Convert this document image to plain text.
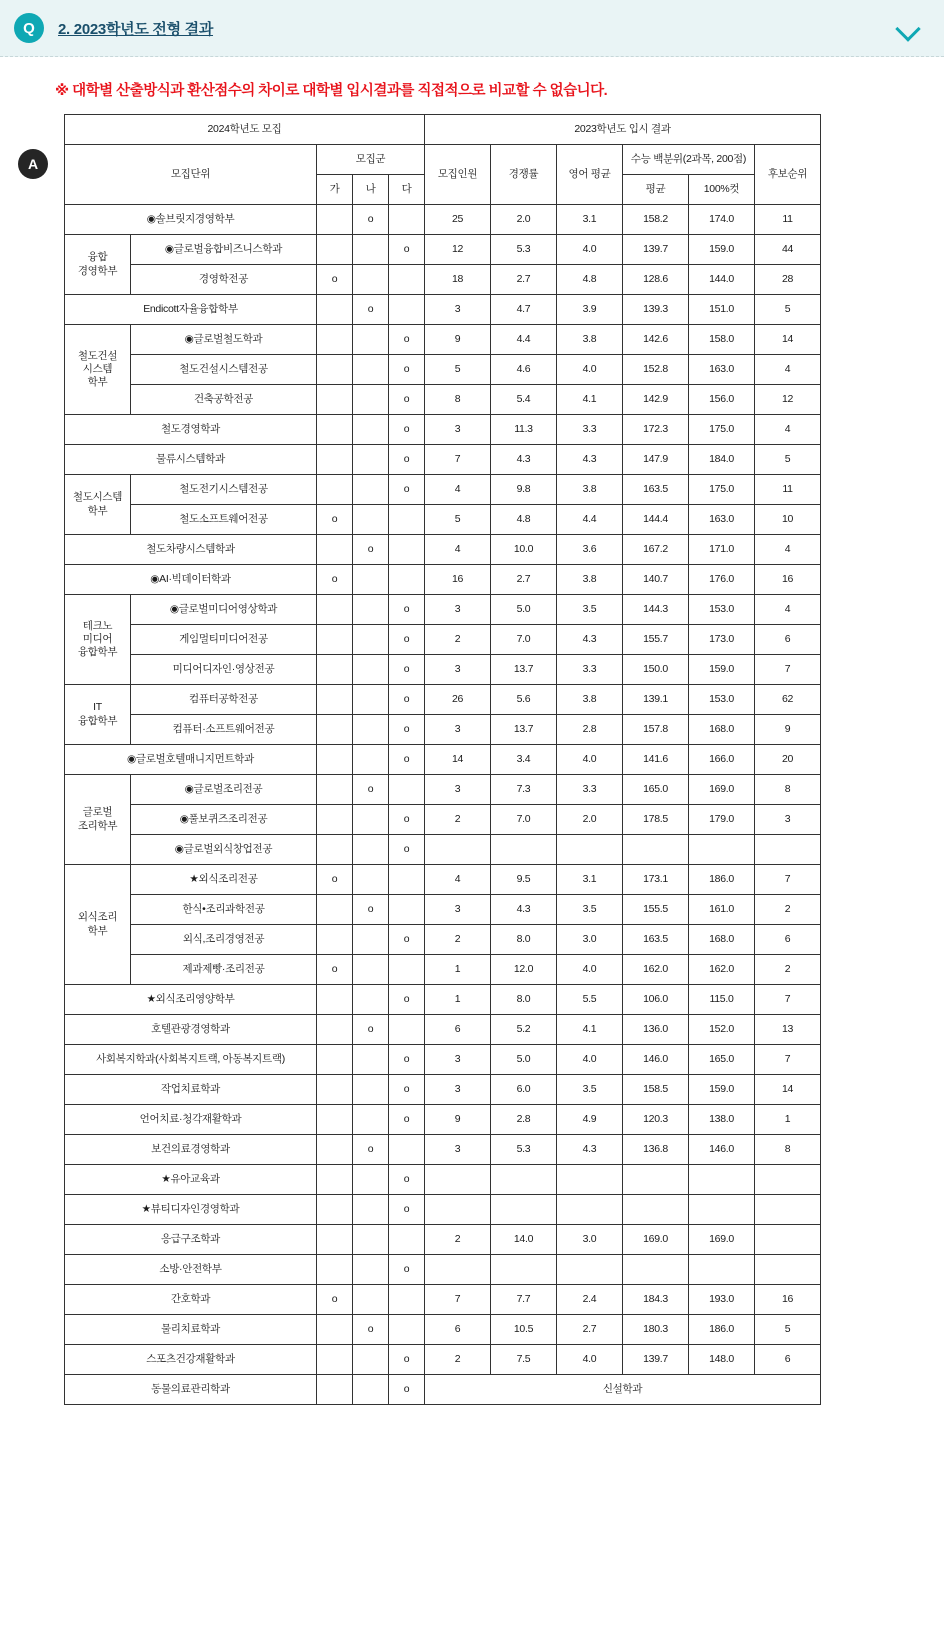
Q	2. 2023학년도 전형 결과
A

※ 대학별 산출방식과 환산점수의 차이로 대학별 입시결과를 직접적으로 비교할 수 없습니다.

2024학년도 모집					2023학년도 입시 결과					
모집단위		모집군			모집인원	경쟁률	영어 평균	수능 백분위(2과목, 200점)		후보순위
		가	나	다				평균	100%컷	
◉솔브릿지경영학부			o		25	2.0	3.1	158.2	174.0	11
융합
경영학부	◉글로벌융합비즈니스학과			o	12	5.3	4.0	139.7	159.0	44
	경영학전공	o			18	2.7	4.8	128.6	144.0	28
Endicott자율융합학부			o		3	4.7	3.9	139.3	151.0	5
철도건설
시스템
학부	◉글로벌철도학과			o	9	4.4	3.8	142.6	158.0	14
	철도건설시스템전공			o	5	4.6	4.0	152.8	163.0	4
	건축공학전공			o	8	5.4	4.1	142.9	156.0	12
철도경영학과				o	3	11.3	3.3	172.3	175.0	4
물류시스템학과				o	7	4.3	4.3	147.9	184.0	5
철도시스템
학부	철도전기시스템전공			o	4	9.8	3.8	163.5	175.0	11
	철도소프트웨어전공	o			5	4.8	4.4	144.4	163.0	10
철도차량시스템학과			o		4	10.0	3.6	167.2	171.0	4
◉AI·빅데이터학과		o			16	2.7	3.8	140.7	176.0	16
테크노
미디어
융합학부	◉글로벌미디어영상학과			o	3	5.0	3.5	144.3	153.0	4
	게임멀티미디어전공			o	2	7.0	4.3	155.7	173.0	6
	미디어디자인·영상전공			o	3	13.7	3.3	150.0	159.0	7
IT
융합학부	컴퓨터공학전공			o	26	5.6	3.8	139.1	153.0	62
	컴퓨터·소프트웨어전공			o	3	13.7	2.8	157.8	168.0	9
◉글로벌호텔매니지먼트학과				o	14	3.4	4.0	141.6	166.0	20
글로벌
조리학부	◉글로벌조리전공		o		3	7.3	3.3	165.0	169.0	8
	◉풀보퀴즈조리전공			o	2	7.0	2.0	178.5	179.0	3
	◉글로벌외식창업전공			o						
외식조리
학부	★외식조리전공	o			4	9.5	3.1	173.1	186.0	7
	한식•조리과학전공		o		3	4.3	3.5	155.5	161.0	2
	외식,조리경영전공			o	2	8.0	3.0	163.5	168.0	6
	제과제빵·조리전공	o			1	12.0	4.0	162.0	162.0	2
★외식조리영양학부				o	1	8.0	5.5	106.0	115.0	7
호텔관광경영학과			o		6	5.2	4.1	136.0	152.0	13
사회복지학과(사회복지트랙, 아동복지트랙)				o	3	5.0	4.0	146.0	165.0	7
작업치료학과				o	3	6.0	3.5	158.5	159.0	14
언어치료·청각재활학과				o	9	2.8	4.9	120.3	138.0	1
보건의료경영학과			o		3	5.3	4.3	136.8	146.0	8
★유아교육과				o						
★뷰티디자인경영학과				o						
응급구조학과					2	14.0	3.0	169.0	169.0	
소방·안전학부				o						
간호학과		o			7	7.7	2.4	184.3	193.0	16
물리치료학과			o		6	10.5	2.7	180.3	186.0	5
스포츠건강재활학과				o	2	7.5	4.0	139.7	148.0	6
동물의료관리학과				o	신설학과					
